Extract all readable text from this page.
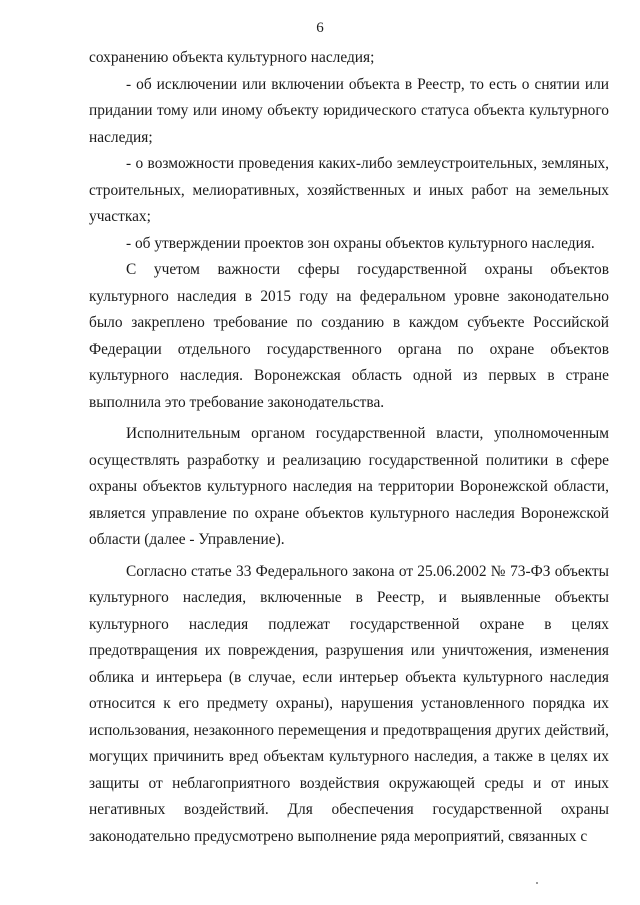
6

сохранению объекта культурного наследия;

- об исключении или включении объекта в Реестр, то есть о снятии или придании тому или иному объекту юридического статуса объекта культурного наследия;

- о возможности проведения каких-либо землеустроительных, земляных, строительных, мелиоративных, хозяйственных и иных работ на земельных участках;

- об утверждении проектов зон охраны объектов культурного наследия.

С учетом важности сферы государственной охраны объектов культурного наследия в 2015 году на федеральном уровне законодательно было закреплено требование по созданию в каждом субъекте Российской Федерации отдельного государственного органа по охране объектов культурного наследия. Воронежская область одной из первых в стране выполнила это требование законодательства.

Исполнительным органом государственной власти, уполномоченным осуществлять разработку и реализацию государственной политики в сфере охраны объектов культурного наследия на территории Воронежской области, является управление по охране объектов культурного наследия Воронежской области (далее - Управление).

Согласно статье 33 Федерального закона от 25.06.2002 № 73-ФЗ объекты культурного наследия, включенные в Реестр, и выявленные объекты культурного наследия подлежат государственной охране в целях предотвращения их повреждения, разрушения или уничтожения, изменения облика и интерьера (в случае, если интерьер объекта культурного наследия относится к его предмету охраны), нарушения установленного порядка их использования, незаконного перемещения и предотвращения других действий, могущих причинить вред объектам культурного наследия, а также в целях их защиты от неблагоприятного воздействия окружающей среды и от иных негативных воздействий. Для обеспечения государственной охраны законодательно предусмотрено выполнение ряда мероприятий, связанных с
